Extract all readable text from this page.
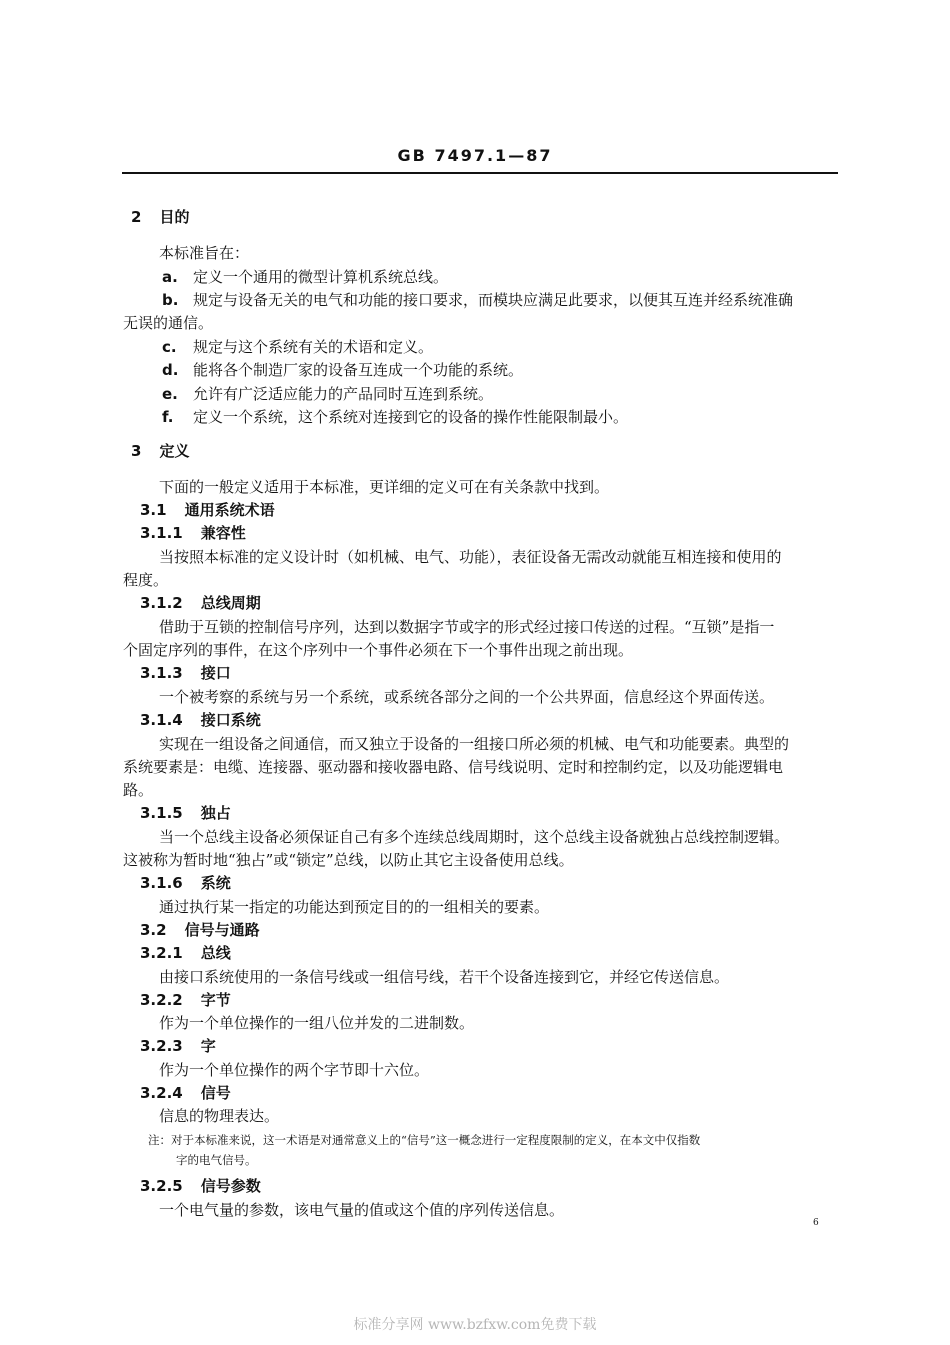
GB 7497.1—87
2 目的
本标准旨在：
a. 定义一个通用的微型计算机系统总线。
b. 规定与设备无关的电气和功能的接口要求，而模块应满足此要求，以便其互连并经系统准确
无误的通信。
c. 规定与这个系统有关的术语和定义。
d. 能将各个制造厂家的设备互连成一个功能的系统。
e. 允许有广泛适应能力的产品同时互连到系统。
f. 定义一个系统，这个系统对连接到它的设备的操作性能限制最小。
3 定义
下面的一般定义适用于本标准，更详细的定义可在有关条款中找到。
3.1 通用系统术语
3.1.1 兼容性
当按照本标准的定义设计时（如机械、电气、功能），表征设备无需改动就能互相连接和使用的
程度。
3.1.2 总线周期
借助于互锁的控制信号序列，达到以数据字节或字的形式经过接口传送的过程。“互锁”是指一
个固定序列的事件，在这个序列中一个事件必须在下一个事件出现之前出现。
3.1.3 接口
一个被考察的系统与另一个系统，或系统各部分之间的一个公共界面，信息经这个界面传送。
3.1.4 接口系统
实现在一组设备之间通信，而又独立于设备的一组接口所必须的机械、电气和功能要素。典型的
系统要素是：电缆、连接器、驱动器和接收器电路、信号线说明、定时和控制约定，以及功能逻辑电
路。
3.1.5 独占
当一个总线主设备必须保证自己有多个连续总线周期时，这个总线主设备就独占总线控制逻辑。
这被称为暂时地“独占”或“锁定”总线，以防止其它主设备使用总线。
3.1.6 系统
通过执行某一指定的功能达到预定目的的一组相关的要素。
3.2 信号与通路
3.2.1 总线
由接口系统使用的一条信号线或一组信号线，若干个设备连接到它，并经它传送信息。
3.2.2 字节
作为一个单位操作的一组八位并发的二进制数。
3.2.3 字
作为一个单位操作的两个字节即十六位。
3.2.4 信号
信息的物理表达。
注：对于本标准来说，这一术语是对通常意义上的“信号”这一概念进行一定程度限制的定义，在本文中仅指数
字的电气信号。
3.2.5 信号参数
一个电气量的参数，该电气量的值或这个值的序列传送信息。
6
标准分享网 www.bzfxw.com免费下载
